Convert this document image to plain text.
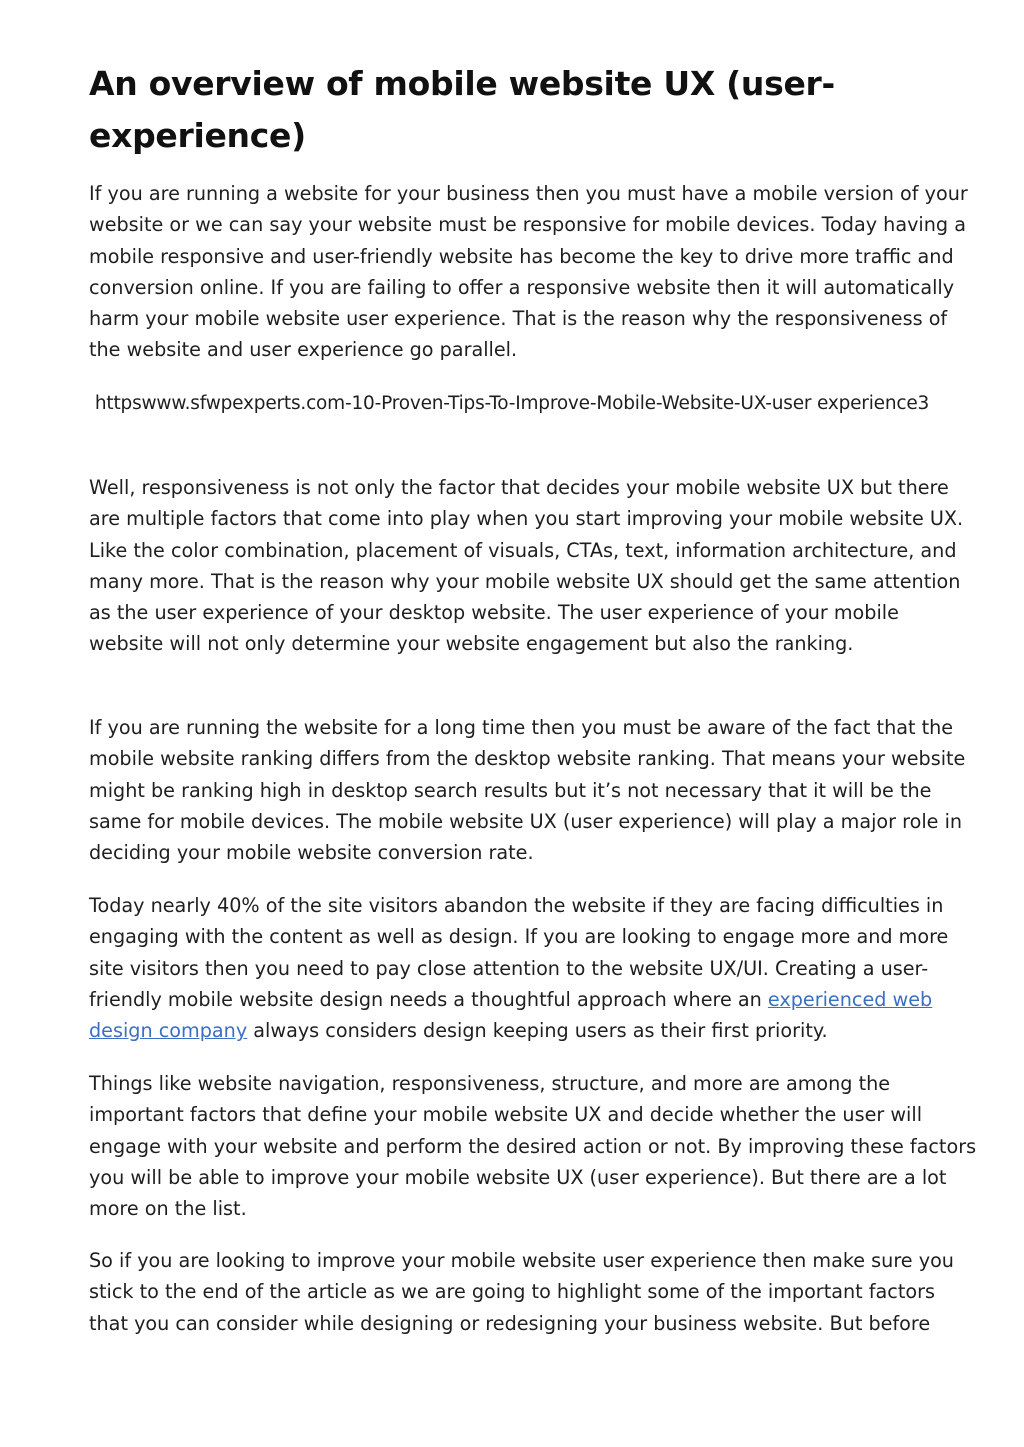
An overview of mobile website UX (user-experience)

If you are running a website for your business then you must have a mobile version of your website or we can say your website must be responsive for mobile devices. Today having a mobile responsive and user-friendly website has become the key to drive more traffic and conversion online. If you are failing to offer a responsive website then it will automatically harm your mobile website user experience. That is the reason why the responsiveness of the website and user experience go parallel.

httpswww.sfwpexperts.com-10-Proven-Tips-To-Improve-Mobile-Website-UX-user experience3

Well, responsiveness is not only the factor that decides your mobile website UX but there are multiple factors that come into play when you start improving your mobile website UX. Like the color combination, placement of visuals, CTAs, text, information architecture, and many more. That is the reason why your mobile website UX should get the same attention as the user experience of your desktop website. The user experience of your mobile website will not only determine your website engagement but also the ranking.

If you are running the website for a long time then you must be aware of the fact that the mobile website ranking differs from the desktop website ranking. That means your website might be ranking high in desktop search results but it’s not necessary that it will be the same for mobile devices. The mobile website UX (user experience) will play a major role in deciding your mobile website conversion rate.

Today nearly 40% of the site visitors abandon the website if they are facing difficulties in engaging with the content as well as design. If you are looking to engage more and more site visitors then you need to pay close attention to the website UX/UI. Creating a user-friendly mobile website design needs a thoughtful approach where an experienced web design company always considers design keeping users as their first priority.

Things like website navigation, responsiveness, structure, and more are among the important factors that define your mobile website UX and decide whether the user will engage with your website and perform the desired action or not. By improving these factors you will be able to improve your mobile website UX (user experience). But there are a lot more on the list.

So if you are looking to improve your mobile website user experience then make sure you stick to the end of the article as we are going to highlight some of the important factors that you can consider while designing or redesigning your business website. But before
